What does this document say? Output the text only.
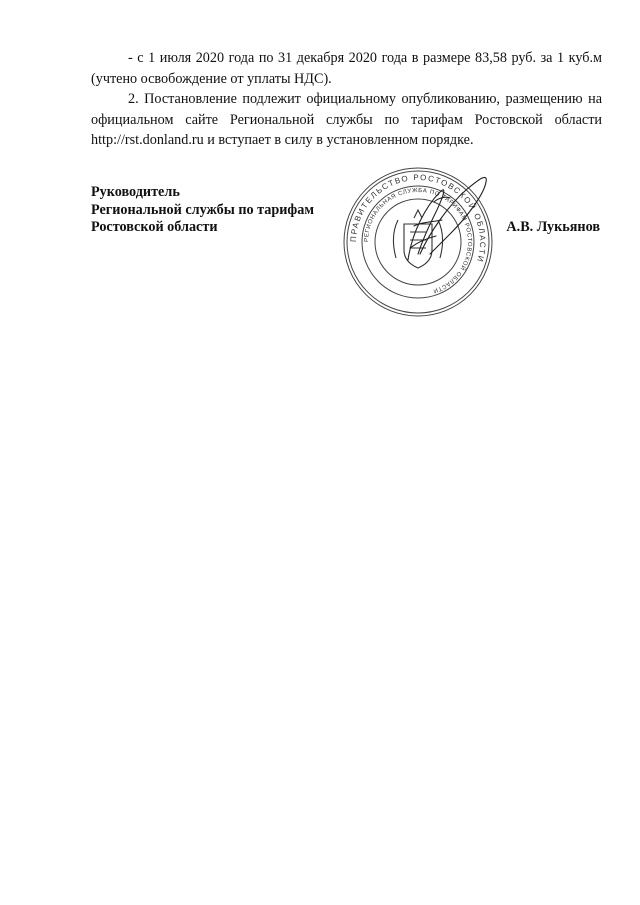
- с 1 июля 2020 года по 31 декабря 2020 года в размере 83,58 руб. за 1 куб.м (учтено освобождение от уплаты НДС).

2. Постановление подлежит официальному опубликованию, размещению на официальном сайте Региональной службы по тарифам Ростовской области http://rst.donland.ru и вступает в силу в установленном порядке.

Руководитель
Региональной службы по тарифам
Ростовской области	А.В. Лукьянов
ПРАВИТЕЛЬСТВО РОСТОВСКОЙ ОБЛАСТИ
РЕГИОНАЛЬНАЯ СЛУЖБА ПО ТАРИФАМ РОСТОВСКОЙ ОБЛАСТИ
